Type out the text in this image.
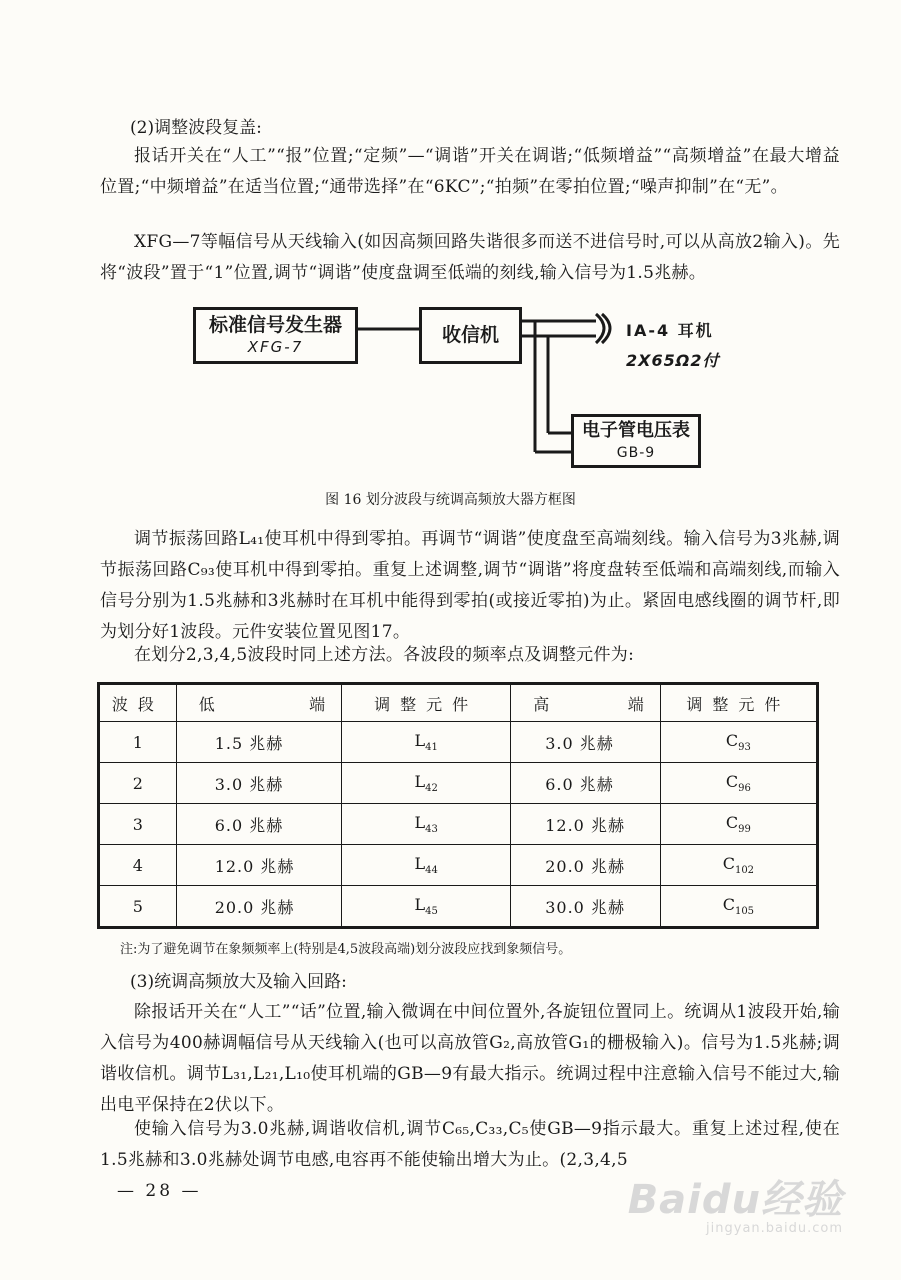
(2)调整波段复盖:

报话开关在“人工”“报”位置;“定频”—“调谐”开关在调谐;“低频增益”“高频增益”在最大增益位置;“中频增益”在适当位置;“通带选择”在“6KC”;“拍频”在零拍位置;“噪声抑制”在“无”。

XFG—7等幅信号从天线输入(如因高频回路失谐很多而送不进信号时,可以从高放2输入)。先将“波段”置于“1”位置,调节“调谐”使度盘调至低端的刻线,输入信号为1.5兆赫。

标准信号发生器
XFG-7
收信机	IA-4 耳机
2X65Ω2付
电子管电压表
GB-9

图 16 划分波段与统调高频放大器方框图

调节振荡回路L₄₁使耳机中得到零拍。再调节“调谐”使度盘至高端刻线。输入信号为3兆赫,调节振荡回路C₉₃使耳机中得到零拍。重复上述调整,调节“调谐”将度盘转至低端和高端刻线,而输入信号分别为1.5兆赫和3兆赫时在耳机中能得到零拍(或接近零拍)为止。紧固电感线圈的调节杆,即为划分好1波段。元件安装位置见图17。

在划分2,3,4,5波段时同上述方法。各波段的频率点及调整元件为:

波段	低 端	调整元件	高 端	调整元件
1	1.5 兆赫	$L_{41}$	3.0 兆赫	$C_{93}$
2	3.0 兆赫	$L_{42}$	6.0 兆赫	$C_{96}$
3	6.0 兆赫	$L_{43}$	12.0 兆赫	$C_{99}$
4	12.0 兆赫	$L_{44}$	20.0 兆赫	$C_{102}$
5	20.0 兆赫	$L_{45}$	30.0 兆赫	$C_{105}$

注:为了避免调节在象频频率上(特别是4,5波段高端)划分波段应找到象频信号。

(3)统调高频放大及输入回路:

除报话开关在“人工”“话”位置,输入微调在中间位置外,各旋钮位置同上。统调从1波段开始,输入信号为400赫调幅信号从天线输入(也可以高放管G₂,高放管G₁的栅极输入)。信号为1.5兆赫;调谐收信机。调节L₃₁,L₂₁,L₁₀使耳机端的GB—9有最大指示。统调过程中注意输入信号不能过大,输出电平保持在2伏以下。

使输入信号为3.0兆赫,调谐收信机,调节C₆₅,C₃₃,C₅使GB—9指示最大。重复上述过程,使在1.5兆赫和3.0兆赫处调节电感,电容再不能使输出增大为止。(2,3,4,5

— 28 —	Baidu经验
jingyan.baidu.com
